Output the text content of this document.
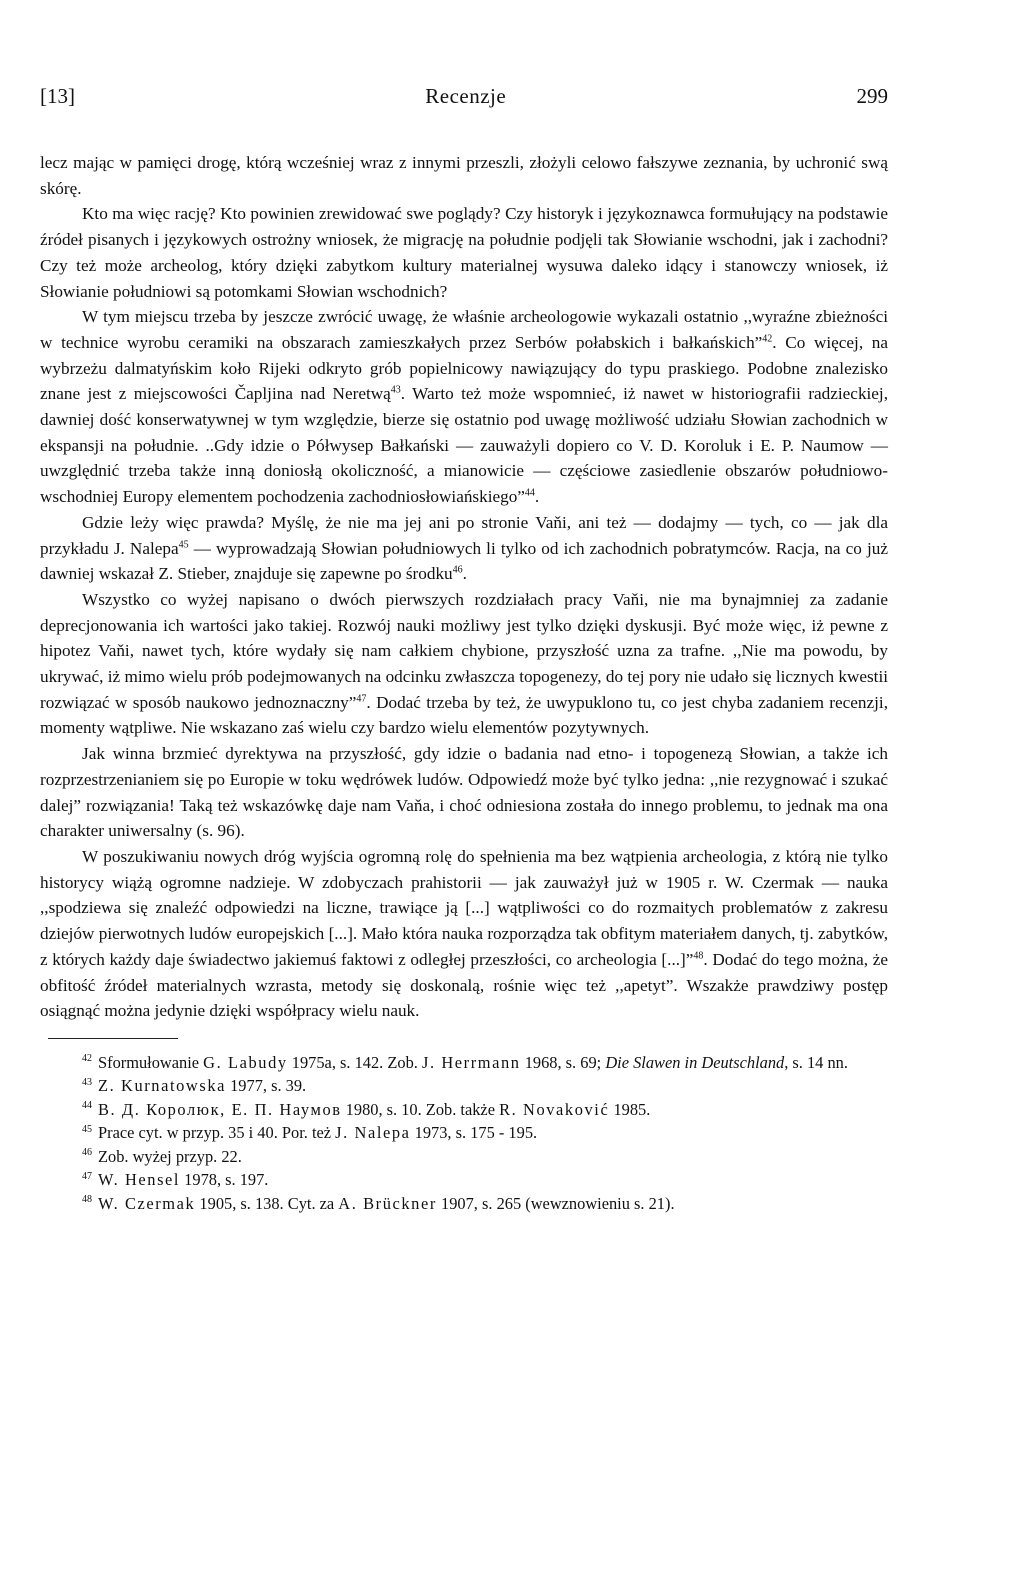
[13]	Recenzje	299

lecz mając w pamięci drogę, którą wcześniej wraz z innymi przeszli, złożyli celowo fałszywe zeznania, by uchronić swą skórę.

Kto ma więc rację? Kto powinien zrewidować swe poglądy? Czy historyk i językoznawca formułujący na podstawie źródeł pisanych i językowych ostrożny wniosek, że migrację na południe podjęli tak Słowianie wschodni, jak i zachodni? Czy też może archeolog, który dzięki zabytkom kultury materialnej wysuwa daleko idący i stanowczy wniosek, iż Słowianie południowi są potomkami Słowian wschodnich?

W tym miejscu trzeba by jeszcze zwrócić uwagę, że właśnie archeologowie wykazali ostatnio ,,wyraźne zbieżności w technice wyrobu ceramiki na obszarach zamieszkałych przez Serbów połabskich i bałkańskich”$^{42}$. Co więcej, na wybrzeżu dalmatyńskim koło Rijeki odkryto grób popielnicowy nawiązujący do typu praskiego. Podobne znalezisko znane jest z miejscowości Čapljina nad Neretwą$^{43}$. Warto też może wspomnieć, iż nawet w historiografii radzieckiej, dawniej dość konserwatywnej w tym względzie, bierze się ostatnio pod uwagę możliwość udziału Słowian zachodnich w ekspansji na południe. ..Gdy idzie o Półwysep Bałkański — zauważyli dopiero co V. D. Koroluk i E. P. Naumow — uwzględnić trzeba także inną doniosłą okoliczność, a mianowicie — częściowe zasiedlenie obszarów południowo-wschodniej Europy elementem pochodzenia zachodniosłowiańskiego”$^{44}$.

Gdzie leży więc prawda? Myślę, że nie ma jej ani po stronie Vaňi, ani też — dodajmy — tych, co — jak dla przykładu J. Nalepa$^{45}$ — wyprowadzają Słowian południowych li tylko od ich zachodnich pobratymców. Racja, na co już dawniej wskazał Z. Stieber, znajduje się zapewne po środku$^{46}$.

Wszystko co wyżej napisano o dwóch pierwszych rozdziałach pracy Vaňi, nie ma bynajmniej za zadanie deprecjonowania ich wartości jako takiej. Rozwój nauki możliwy jest tylko dzięki dyskusji. Być może więc, iż pewne z hipotez Vaňi, nawet tych, które wydały się nam całkiem chybione, przyszłość uzna za trafne. ,,Nie ma powodu, by ukrywać, iż mimo wielu prób podejmowanych na odcinku zwłaszcza topogenezy, do tej pory nie udało się licznych kwestii rozwiązać w sposób naukowo jednoznaczny”$^{47}$. Dodać trzeba by też, że uwypuklono tu, co jest chyba zadaniem recenzji, momenty wątpliwe. Nie wskazano zaś wielu czy bardzo wielu elementów pozytywnych.

Jak winna brzmieć dyrektywa na przyszłość, gdy idzie o badania nad etno- i topogenezą Słowian, a także ich rozprzestrzenianiem się po Europie w toku wędrówek ludów. Odpowiedź może być tylko jedna: ,,nie rezygnować i szukać dalej” rozwiązania! Taką też wskazówkę daje nam Vaňa, i choć odniesiona została do innego problemu, to jednak ma ona charakter uniwersalny (s. 96).

W poszukiwaniu nowych dróg wyjścia ogromną rolę do spełnienia ma bez wątpienia archeologia, z którą nie tylko historycy wiążą ogromne nadzieje. W zdobyczach prahistorii — jak zauważył już w 1905 r. W. Czermak — nauka ,,spodziewa się znaleźć odpowiedzi na liczne, trawiące ją [...] wątpliwości co do rozmaitych problematów z zakresu dziejów pierwotnych ludów europejskich [...]. Mało która nauka rozporządza tak obfitym materiałem danych, tj. zabytków, z których każdy daje świadectwo jakiemuś faktowi z odległej przeszłości, co archeologia [...]”$^{48}$. Dodać do tego można, że obfitość źródeł materialnych wzrasta, metody się doskonalą, rośnie więc też ,,apetyt”. Wszakże prawdziwy postęp osiągnąć można jedynie dzięki współpracy wielu nauk.

$^{42}$ Sformułowanie G. Labudy 1975a, s. 142. Zob. J. Herrmann 1968, s. 69; Die Slawen in Deutschland, s. 14 nn.

$^{43}$ Z. Kurnatowska 1977, s. 39.

$^{44}$ В. Д. Королюк, Е. П. Наумов 1980, s. 10. Zob. także R. Novaković 1985.

$^{45}$ Prace cyt. w przyp. 35 i 40. Por. też J. Nalepa 1973, s. 175 - 195.

$^{46}$ Zob. wyżej przyp. 22.

$^{47}$ W. Hensel 1978, s. 197.

$^{48}$ W. Czermak 1905, s. 138. Cyt. za A. Brückner 1907, s. 265 (wewznowieniu s. 21).
